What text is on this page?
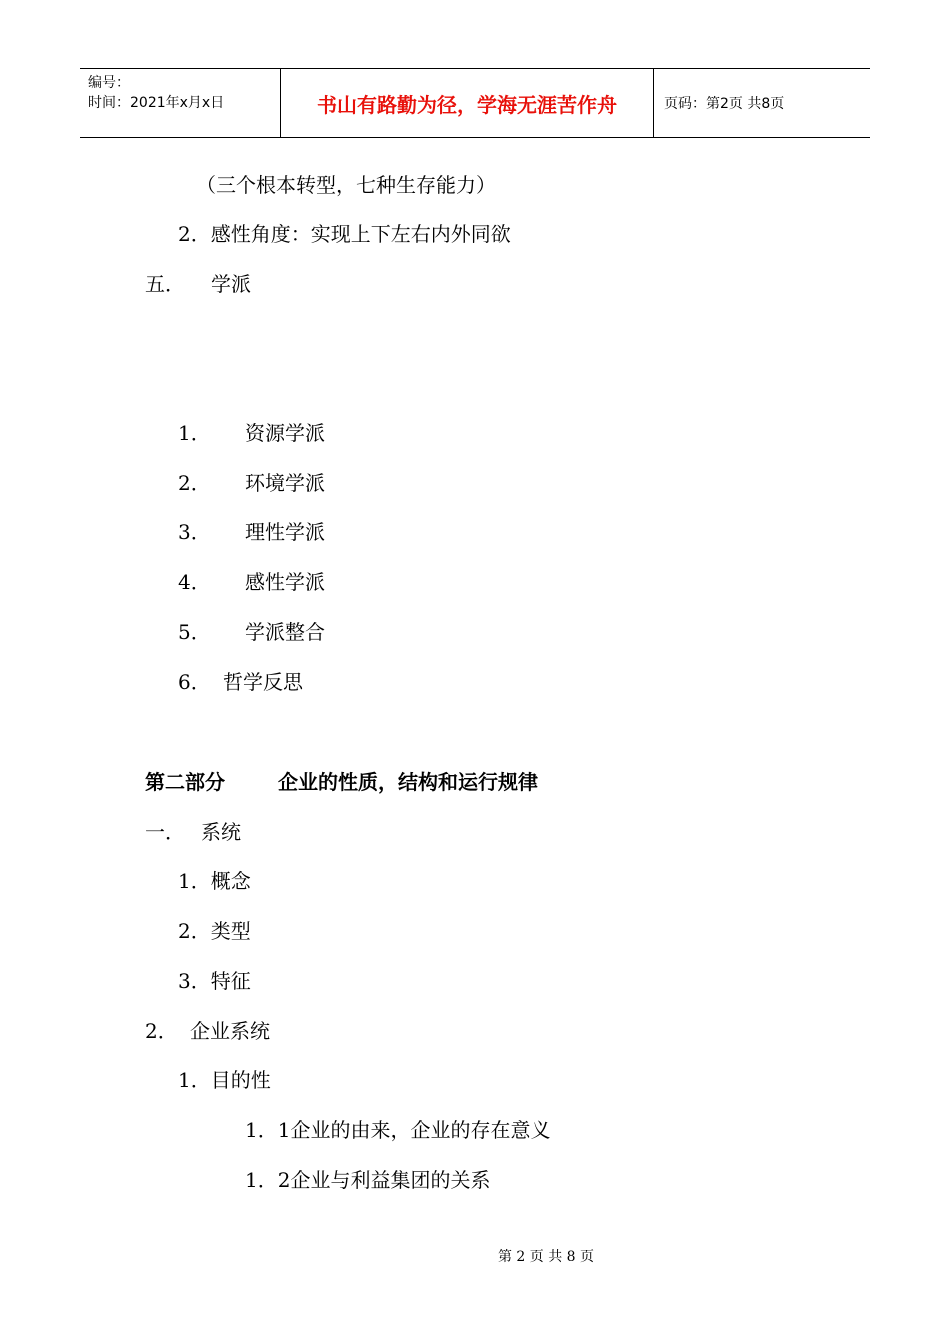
编号：
时间：2021年x月x日	书山有路勤为径，学海无涯苦作舟	页码：第2页 共8页
（三个根本转型，七种生存能力）
2．感性角度：实现上下左右内外同欲
五． 学派
1． 资源学派
2． 环境学派
3． 理性学派
4． 感性学派
5． 学派整合
6． 哲学反思
第二部分	企业的性质，结构和运行规律
一． 系统
1．概念
2．类型
3．特征
2． 企业系统
1．目的性
1．1企业的由来，企业的存在意义
1．2企业与利益集团的关系
第 2 页 共 8 页
